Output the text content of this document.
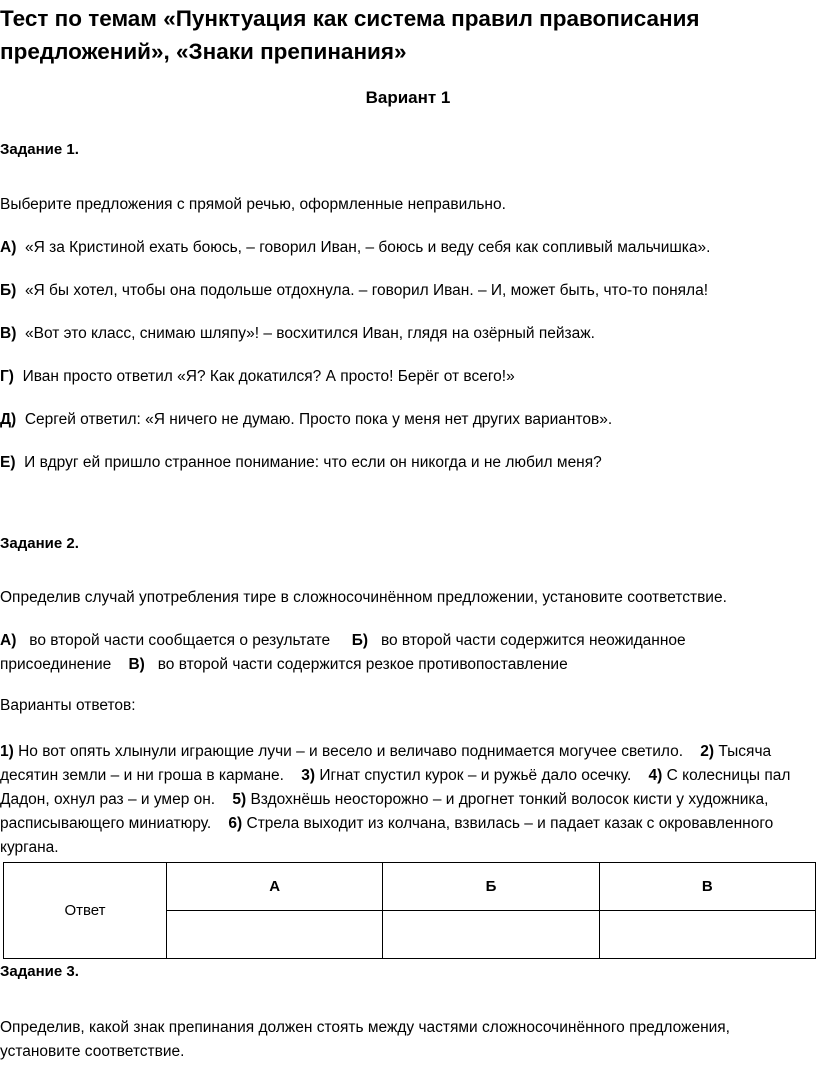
Тест по темам «Пунктуация как система правил правописания предложений», «Знаки препинания»
Вариант 1
Задание 1.
Выберите предложения с прямой речью, оформленные неправильно.
А) «Я за Кристиной ехать боюсь, – говорил Иван, – боюсь и веду себя как сопливый мальчишка».
Б) «Я бы хотел, чтобы она подольше отдохнула. – говорил Иван. – И, может быть, что-то поняла!
В) «Вот это класс, снимаю шляпу»! – восхитился Иван, глядя на озёрный пейзаж.
Г) Иван просто ответил «Я? Как докатился? А просто! Берёг от всего!»
Д) Сергей ответил: «Я ничего не думаю. Просто пока у меня нет других вариантов».
Е) И вдруг ей пришло странное понимание: что если он никогда и не любил меня?
Задание 2.
Определив случай употребления тире в сложносочинённом предложении, установите соответствие.
А) во второй части сообщается о результате Б) во второй части содержится неожиданное присоединение В) во второй части содержится резкое противопоставление
Варианты ответов:
1) Но вот опять хлынули играющие лучи – и весело и величаво поднимается могучее светило. 2) Тысяча десятин земли – и ни гроша в кармане. 3) Игнат спустил курок – и ружьё дало осечку. 4) С колесницы пал Дадон, охнул раз – и умер он. 5) Вздохнёшь неосторожно – и дрогнет тонкий волосок кисти у художника, расписывающего миниатюру. 6) Стрела выходит из колчана, взвилась – и падает казак с окровавленного кургана.
Ответ	А	Б	В

Задание 3.
Определив, какой знак препинания должен стоять между частями сложносочинённого предложения, установите соответствие.
